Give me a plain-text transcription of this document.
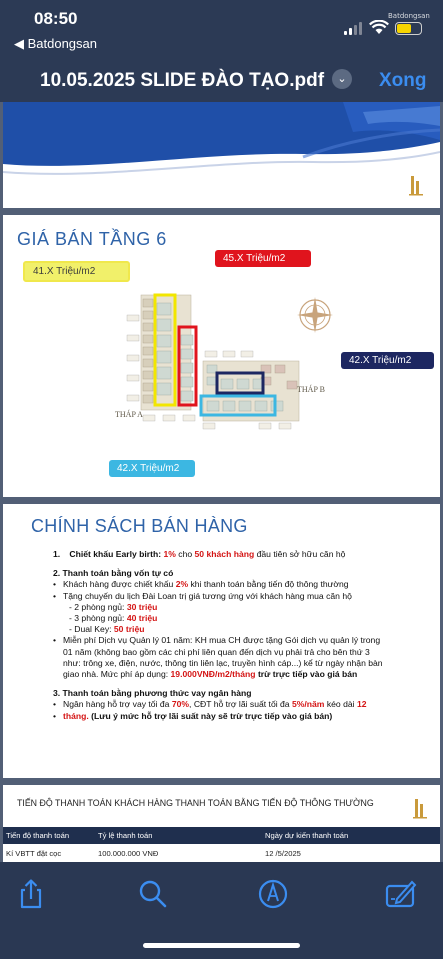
08:50
◀ Batdongsan
Batdongsan
10.05.2025 SLIDE ĐÀO TẠO.pdf	⌄ Xong
GIÁ BÁN TẦNG 6
41.X Triệu/m2
45.X Triệu/m2
42.X Triệu/m2
42.X Triệu/m2
THÁP A
THÁP B
CHÍNH SÁCH BÁN HÀNG
1. Chiết khấu Early birth: 1% cho 50 khách hàng đầu tiên sở hữu căn hộ
2. Thanh toán bằng vốn tự có
• Khách hàng được chiết khấu 2% khi thanh toán bằng tiến độ thông thường
• Tặng chuyến du lịch Đài Loan trị giá tương ứng với khách hàng mua căn hộ
- 2 phòng ngủ: 30 triệu
- 3 phòng ngủ: 40 triệu
- Dual Key: 50 triệu
• Miễn phí Dịch vụ Quản lý 01 năm: KH mua CH được tặng Gói dịch vụ quản lý trong
01 năm (không bao gồm các chi phí liên quan đến dịch vụ phải trả cho bên thứ 3
như: trông xe, điện, nước, thông tin liên lạc, truyền hình cáp...) kể từ ngày nhận bàn
giao nhà. Mức phí áp dụng: 19.000VNĐ/m2/tháng trừ trực tiếp vào giá bán
3. Thanh toán bằng phương thức vay ngân hàng
• Ngân hàng hỗ trợ vay tối đa 70%, CĐT hỗ trợ lãi suất tối đa 5%/năm kéo dài 12
• tháng. (Lưu ý mức hỗ trợ lãi suất này sẽ trừ trực tiếp vào giá bán)
TIẾN ĐỘ THANH TOÁN KHÁCH HÀNG THANH TOÁN BẰNG TIẾN ĐỘ THÔNG THƯỜNG
Tiến độ thanh toán	Tỷ lệ thanh toán	Ngày dự kiến thanh toán
Kí VBTT đặt cọc	100.000.000 VNĐ	12 /5/2025
